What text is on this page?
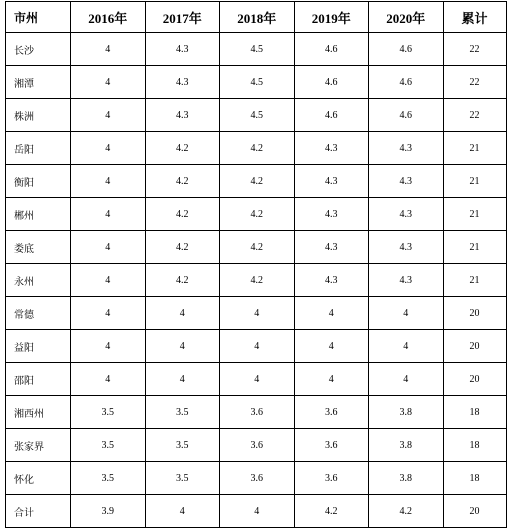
市州	2016年	2017年	2018年	2019年	2020年	累计
长沙	4	4.3	4.5	4.6	4.6	22
湘潭	4	4.3	4.5	4.6	4.6	22
株洲	4	4.3	4.5	4.6	4.6	22
岳阳	4	4.2	4.2	4.3	4.3	21
衡阳	4	4.2	4.2	4.3	4.3	21
郴州	4	4.2	4.2	4.3	4.3	21
娄底	4	4.2	4.2	4.3	4.3	21
永州	4	4.2	4.2	4.3	4.3	21
常德	4	4	4	4	4	20
益阳	4	4	4	4	4	20
邵阳	4	4	4	4	4	20
湘西州	3.5	3.5	3.6	3.6	3.8	18
张家界	3.5	3.5	3.6	3.6	3.8	18
怀化	3.5	3.5	3.6	3.6	3.8	18
合计	3.9	4	4	4.2	4.2	20
